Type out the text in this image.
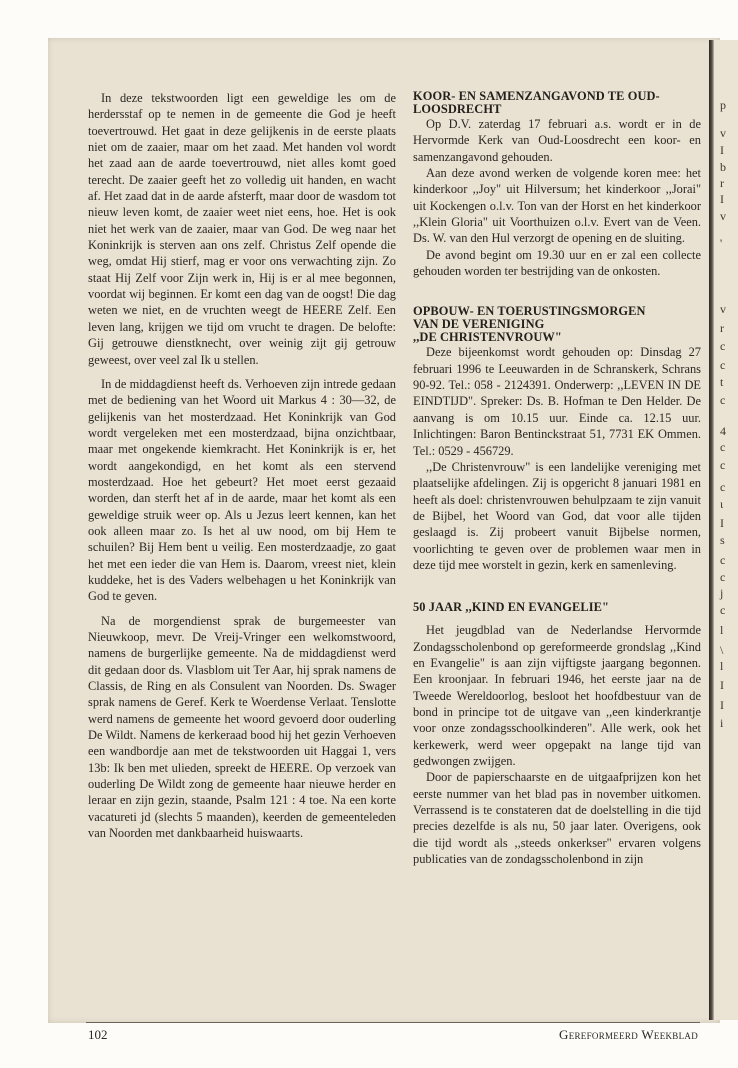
In deze tekstwoorden ligt een geweldige les om de herdersstaf op te nemen in de gemeente die God je heeft toevertrouwd. Het gaat in deze gelijkenis in de eerste plaats niet om de zaaier, maar om het zaad. Met handen vol wordt het zaad aan de aarde toevertrouwd, niet alles komt goed terecht. De zaaier geeft het zo volledig uit handen, en wacht af. Het zaad dat in de aarde afsterft, maar door de wasdom tot nieuw leven komt, de zaaier weet niet eens, hoe. Het is ook niet het werk van de zaaier, maar van God. De weg naar het Koninkrijk is sterven aan ons zelf. Christus Zelf opende die weg, omdat Hij stierf, mag er voor ons verwachting zijn. Zo staat Hij Zelf voor Zijn werk in, Hij is er al mee begonnen, voordat wij beginnen. Er komt een dag van de oogst! Die dag weten we niet, en de vruchten weegt de HEERE Zelf. Een leven lang, krijgen we tijd om vrucht te dragen. De belofte: Gij getrouwe dienstknecht, over weinig zijt gij getrouw geweest, over veel zal Ik u stellen.

In de middagdienst heeft ds. Verhoeven zijn intrede gedaan met de bediening van het Woord uit Markus 4 : 30—32, de gelijkenis van het mosterdzaad. Het Koninkrijk van God wordt vergeleken met een mosterdzaad, bijna onzichtbaar, maar met ongekende kiemkracht. Het Koninkrijk is er, het wordt aangekondigd, en het komt als een stervend mosterdzaad. Hoe het gebeurt? Het moet eerst gezaaid worden, dan sterft het af in de aarde, maar het komt als een geweldige struik weer op. Als u Jezus leert kennen, kan het ook alleen maar zo. Is het al uw nood, om bij Hem te schuilen? Bij Hem bent u veilig. Een mosterdzaadje, zo gaat het met een ieder die van Hem is. Daarom, vreest niet, klein kuddeke, het is des Vaders welbehagen u het Koninkrijk van God te geven.

Na de morgendienst sprak de burgemeester van Nieuwkoop, mevr. De Vreij-Vringer een welkomstwoord, namens de burgerlijke gemeente. Na de middagdienst werd dit gedaan door ds. Vlasblom uit Ter Aar, hij sprak namens de Classis, de Ring en als Consulent van Noorden. Ds. Swager sprak namens de Geref. Kerk te Woerdense Verlaat. Tenslotte werd namens de gemeente het woord gevoerd door ouderling De Wildt. Namens de kerkeraad bood hij het gezin Verhoeven een wandbordje aan met de tekstwoorden uit Haggai 1, vers 13b: Ik ben met ulieden, spreekt de HEERE. Op verzoek van ouderling De Wildt zong de gemeente haar nieuwe herder en leraar en zijn gezin, staande, Psalm 121 : 4 toe. Na een korte vacatureti jd (slechts 5 maanden), keerden de gemeenteleden van Noorden met dankbaarheid huiswaarts.

KOOR- EN SAMENZANGAVOND TE OUD-LOOSDRECHT

Op D.V. zaterdag 17 februari a.s. wordt er in de Hervormde Kerk van Oud-Loosdrecht een koor- en samenzangavond gehouden.

Aan deze avond werken de volgende koren mee: het kinderkoor ,,Joy" uit Hilversum; het kinderkoor ,,Jorai" uit Kockengen o.l.v. Ton van der Horst en het kinderkoor ,,Klein Gloria" uit Voorthuizen o.l.v. Evert van de Veen. Ds. W. van den Hul verzorgt de opening en de sluiting.

De avond begint om 19.30 uur en er zal een collecte gehouden worden ter bestrijding van de onkosten.

OPBOUW- EN TOERUSTINGSMORGEN
VAN DE VERENIGING
,,DE CHRISTENVROUW"

Deze bijeenkomst wordt gehouden op: Dinsdag 27 februari 1996 te Leeuwarden in de Schranskerk, Schrans 90-92. Tel.: 058 - 2124391. Onderwerp: ,,LEVEN IN DE EINDTIJD". Spreker: Ds. B. Hofman te Den Helder. De aanvang is om 10.15 uur. Einde ca. 12.15 uur. Inlichtingen: Baron Bentinckstraat 51, 7731 EK Ommen. Tel.: 0529 - 456729.

,,De Christenvrouw" is een landelijke vereniging met plaatselijke afdelingen. Zij is opgericht 8 januari 1981 en heeft als doel: christenvrouwen behulpzaam te zijn vanuit de Bijbel, het Woord van God, dat voor alle tijden geslaagd is. Zij probeert vanuit Bijbelse normen, voorlichting te geven over de problemen waar men in deze tijd mee worstelt in gezin, kerk en samenleving.

50 JAAR ,,KIND EN EVANGELIE"

Het jeugdblad van de Nederlandse Hervormde Zondagsscholenbond op gereformeerde grondslag ,,Kind en Evangelie" is aan zijn vijftigste jaargang begonnen. Een kroonjaar. In februari 1946, het eerste jaar na de Tweede Wereldoorlog, besloot het hoofdbestuur van de bond in principe tot de uitgave van ,,een kinderkrantje voor onze zondagsschoolkinderen". Alle werk, ook het kerkewerk, werd weer opgepakt na lange tijd van gedwongen zwijgen.

Door de papierschaarste en de uitgaafprijzen kon het eerste nummer van het blad pas in november uitkomen. Verrassend is te constateren dat de doelstelling in die tijd precies dezelfde is als nu, 50 jaar later. Overigens, ook die tijd wordt als ,,steeds onkerkser" ervaren volgens publicaties van de zondagsscholenbond in zijn

p
v
I
b
r
I
v
'
v
r
c
c
t
c
4
c
c
c
ι
I
s
c
c
j
c
l
\
l
I
I
i
102	Gereformeerd Weekblad
